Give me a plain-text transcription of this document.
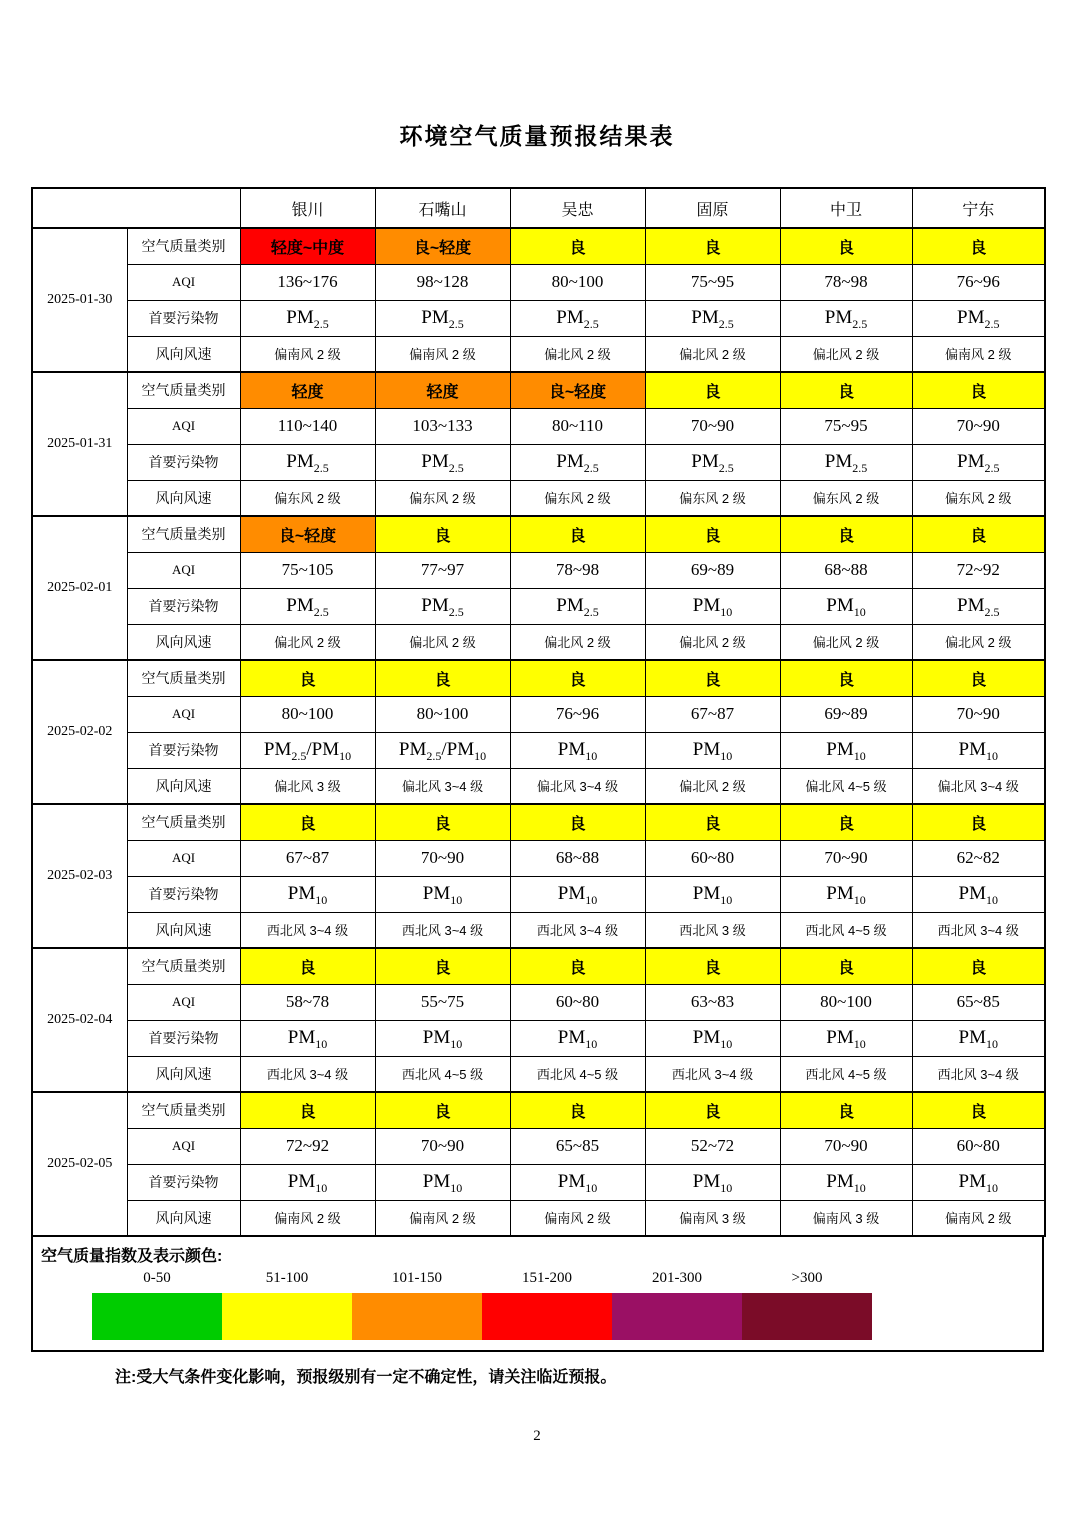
环境空气质量预报结果表
		银川	石嘴山	吴忠	固原	中卫	宁东
2025-01-30	空气质量类别	轻度~中度	良~轻度	良	良	良	良
	AQI	136~176	98~128	80~100	75~95	78~98	76~96
	首要污染物	$PM_{2.5}$	$PM_{2.5}$	$PM_{2.5}$	$PM_{2.5}$	$PM_{2.5}$	$PM_{2.5}$
	风向风速	偏南风 2 级	偏南风 2 级	偏北风 2 级	偏北风 2 级	偏北风 2 级	偏南风 2 级
2025-01-31	空气质量类别	轻度	轻度	良~轻度	良	良	良
	AQI	110~140	103~133	80~110	70~90	75~95	70~90
	首要污染物	$PM_{2.5}$	$PM_{2.5}$	$PM_{2.5}$	$PM_{2.5}$	$PM_{2.5}$	$PM_{2.5}$
	风向风速	偏东风 2 级	偏东风 2 级	偏东风 2 级	偏东风 2 级	偏东风 2 级	偏东风 2 级
2025-02-01	空气质量类别	良~轻度	良	良	良	良	良
	AQI	75~105	77~97	78~98	69~89	68~88	72~92
	首要污染物	$PM_{2.5}$	$PM_{2.5}$	$PM_{2.5}$	$PM_{10}$	$PM_{10}$	$PM_{2.5}$
	风向风速	偏北风 2 级	偏北风 2 级	偏北风 2 级	偏北风 2 级	偏北风 2 级	偏北风 2 级
2025-02-02	空气质量类别	良	良	良	良	良	良
	AQI	80~100	80~100	76~96	67~87	69~89	70~90
	首要污染物	$PM_{2.5}/PM_{10}$	$PM_{2.5}/PM_{10}$	$PM_{10}$	$PM_{10}$	$PM_{10}$	$PM_{10}$
	风向风速	偏北风 3 级	偏北风 3~4 级	偏北风 3~4 级	偏北风 2 级	偏北风 4~5 级	偏北风 3~4 级
2025-02-03	空气质量类别	良	良	良	良	良	良
	AQI	67~87	70~90	68~88	60~80	70~90	62~82
	首要污染物	$PM_{10}$	$PM_{10}$	$PM_{10}$	$PM_{10}$	$PM_{10}$	$PM_{10}$
	风向风速	西北风 3~4 级	西北风 3~4 级	西北风 3~4 级	西北风 3 级	西北风 4~5 级	西北风 3~4 级
2025-02-04	空气质量类别	良	良	良	良	良	良
	AQI	58~78	55~75	60~80	63~83	80~100	65~85
	首要污染物	$PM_{10}$	$PM_{10}$	$PM_{10}$	$PM_{10}$	$PM_{10}$	$PM_{10}$
	风向风速	西北风 3~4 级	西北风 4~5 级	西北风 4~5 级	西北风 3~4 级	西北风 4~5 级	西北风 3~4 级
2025-02-05	空气质量类别	良	良	良	良	良	良
	AQI	72~92	70~90	65~85	52~72	70~90	60~80
	首要污染物	$PM_{10}$	$PM_{10}$	$PM_{10}$	$PM_{10}$	$PM_{10}$	$PM_{10}$
	风向风速	偏南风 2 级	偏南风 2 级	偏南风 2 级	偏南风 3 级	偏南风 3 级	偏南风 2 级
空气质量指数及表示颜色:
0-50	51-100	101-150	151-200	201-300	>300
注:受大气条件变化影响，预报级别有一定不确定性，请关注临近预报。
2
